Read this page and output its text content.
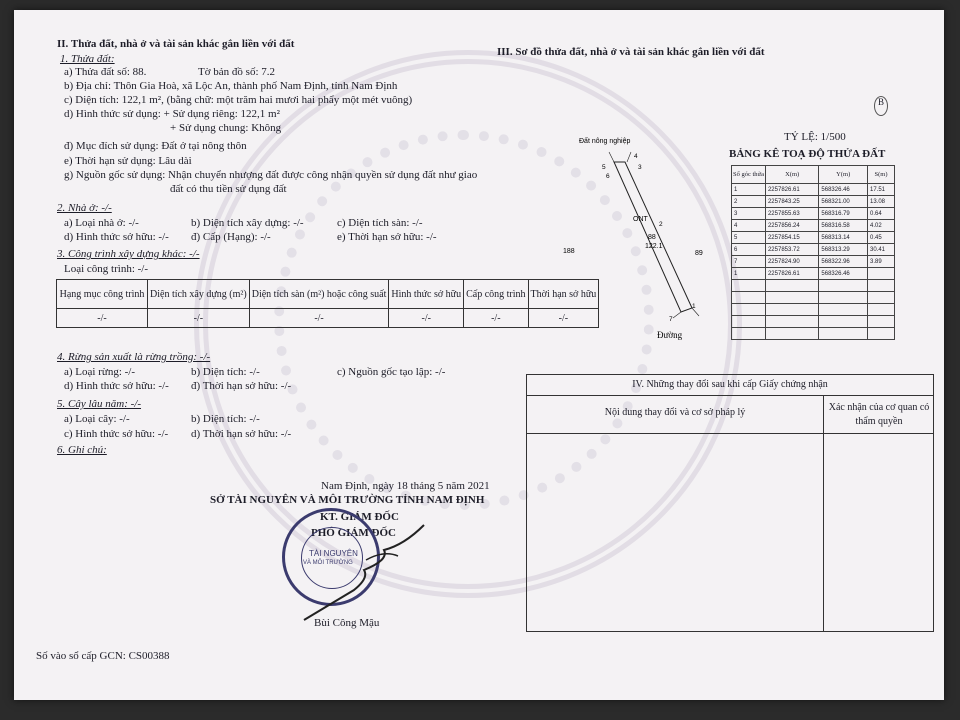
II. Thửa đất, nhà ở và tài sản khác gắn liền với đất
1. Thửa đất:
a) Thửa đất số: 88.	Tờ bản đồ số: 7.2
b) Địa chỉ: Thôn Gia Hoà, xã Lộc An, thành phố Nam Định, tỉnh Nam Định
c) Diện tích: 122,1 m², (bằng chữ: một trăm hai mươi hai phẩy một mét vuông)
d) Hình thức sử dụng: + Sử dụng riêng: 122,1 m²
+ Sử dụng chung: Không
đ) Mục đích sử dụng: Đất ở tại nông thôn
e) Thời hạn sử dụng: Lâu dài
g) Nguồn gốc sử dụng: Nhận chuyển nhượng đất được công nhận quyền sử dụng đất như giao
đất có thu tiền sử dụng đất
2. Nhà ở: -/-
a) Loại nhà ở: -/-	b) Diện tích xây dựng: -/-	c) Diện tích sàn: -/-
d) Hình thức sở hữu: -/- đ) Cấp (Hạng): -/-	e) Thời hạn sở hữu: -/-
3. Công trình xây dựng khác: -/-
Loại công trình: -/-
Hạng mục công trình	Diện tích xây dựng (m²)	Diện tích sàn (m²) hoặc công suất	Hình thức sở hữu	Cấp công trình	Thời hạn sở hữu
-/-	-/-	-/-	-/-	-/-	-/-
4. Rừng sản xuất là rừng trồng: -/-
a) Loại rừng: -/-	b) Diện tích: -/-	c) Nguồn gốc tạo lập: -/-
d) Hình thức sở hữu: -/- đ) Thời hạn sở hữu: -/-
5. Cây lâu năm: -/-
a) Loại cây: -/-	b) Diện tích: -/-
c) Hình thức sở hữu: -/- d) Thời hạn sở hữu: -/-
6. Ghi chú:
Nam Định, ngày 18 tháng 5 năm 2021
SỞ TÀI NGUYÊN VÀ MÔI TRƯỜNG TỈNH NAM ĐỊNH
KT. GIÁM ĐỐC
PHÓ GIÁM ĐỐC
TÀI NGUYÊN
VÀ MÔI TRƯỜNG
Bùi Công Mậu
Số vào sổ cấp GCN: CS00388
III. Sơ đồ thửa đất, nhà ở và tài sản khác gắn liền với đất
B
TỶ LỆ: 1/500
BẢNG KÊ TOẠ ĐỘ THỬA ĐẤT
Đất nông nghiệp
5
6
4
3
2
1
7
ONT
88
122.1
188	89
Đường
Số góc thửa	X(m)	Y(m)	S(m)
1	2257826.61	568326.46	17.51
2	2257843.25	568321.00	13.08
3	2257855.63	568316.79	0.64
4	2257856.24	568316.58	4.02
5	2257854.15	568313.14	0.45
6	2257853.72	568313.29	30.41
7	2257824.90	568322.96	3.89
1	2257826.61	568326.46	

IV. Những thay đổi sau khi cấp Giấy chứng nhận
Nội dung thay đổi và cơ sở pháp lý	Xác nhận của cơ quan có thẩm quyền
